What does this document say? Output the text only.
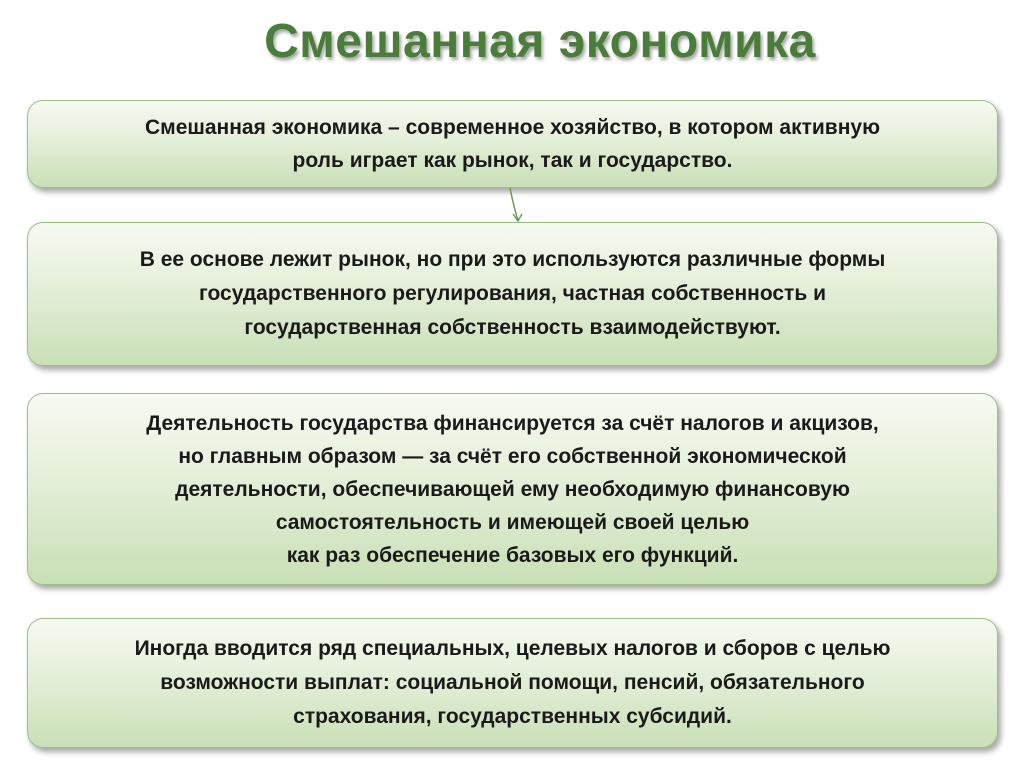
Смешанная экономика
Смешанная экономика – современное хозяйство, в котором активную
роль играет как рынок, так и государство.
В ее основе лежит рынок, но при это используются различные формы
государственного регулирования, частная собственность и
государственная собственность взаимодействуют.
Деятельность государства финансируется за счёт налогов и акцизов,
но главным образом — за счёт его собственной экономической
деятельности, обеспечивающей ему необходимую финансовую
самостоятельность и имеющей своей целью
как раз обеспечение базовых его функций.
Иногда вводится ряд специальных, целевых налогов и сборов с целью
возможности выплат: социальной помощи, пенсий, обязательного
страхования, государственных субсидий.
